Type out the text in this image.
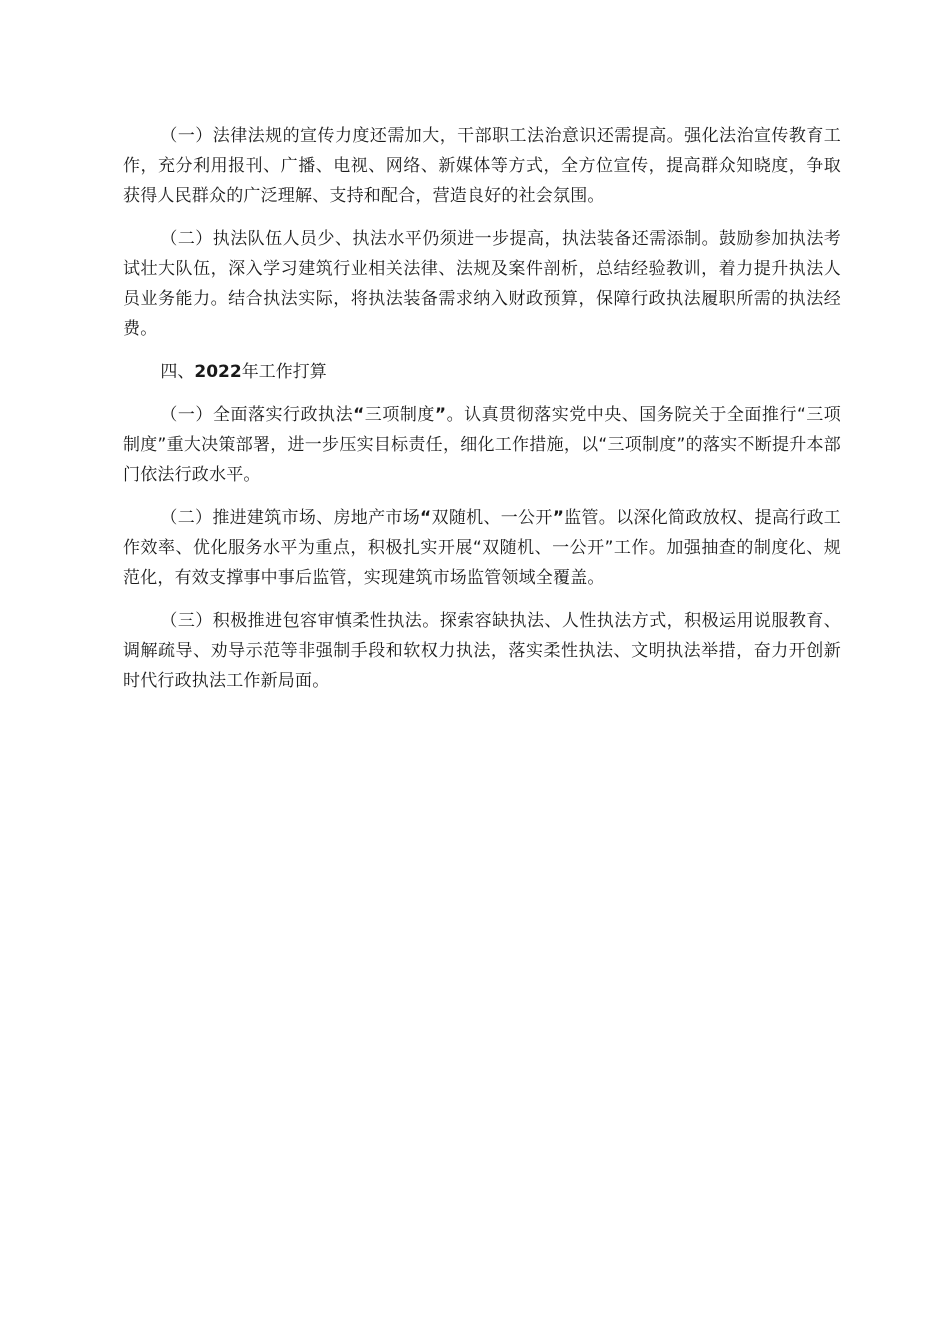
（一）法律法规的宣传力度还需加大，干部职工法治意识还需提高。强化法治宣传教育工作，充分利用报刊、广播、电视、网络、新媒体等方式，全方位宣传，提高群众知晓度，争取获得人民群众的广泛理解、支持和配合，营造良好的社会氛围。

（二）执法队伍人员少、执法水平仍须进一步提高，执法装备还需添制。鼓励参加执法考试壮大队伍，深入学习建筑行业相关法律、法规及案件剖析，总结经验教训，着力提升执法人员业务能力。结合执法实际，将执法装备需求纳入财政预算，保障行政执法履职所需的执法经费。

四、2022年工作打算

（一）全面落实行政执法“三项制度”。认真贯彻落实党中央、国务院关于全面推行“三项制度”重大决策部署，进一步压实目标责任，细化工作措施，以“三项制度”的落实不断提升本部门依法行政水平。

（二）推进建筑市场、房地产市场“双随机、一公开”监管。以深化简政放权、提高行政工作效率、优化服务水平为重点，积极扎实开展“双随机、一公开”工作。加强抽查的制度化、规范化，有效支撑事中事后监管，实现建筑市场监管领域全覆盖。

（三）积极推进包容审慎柔性执法。探索容缺执法、人性执法方式，积极运用说服教育、调解疏导、劝导示范等非强制手段和软权力执法，落实柔性执法、文明执法举措，奋力开创新时代行政执法工作新局面。
